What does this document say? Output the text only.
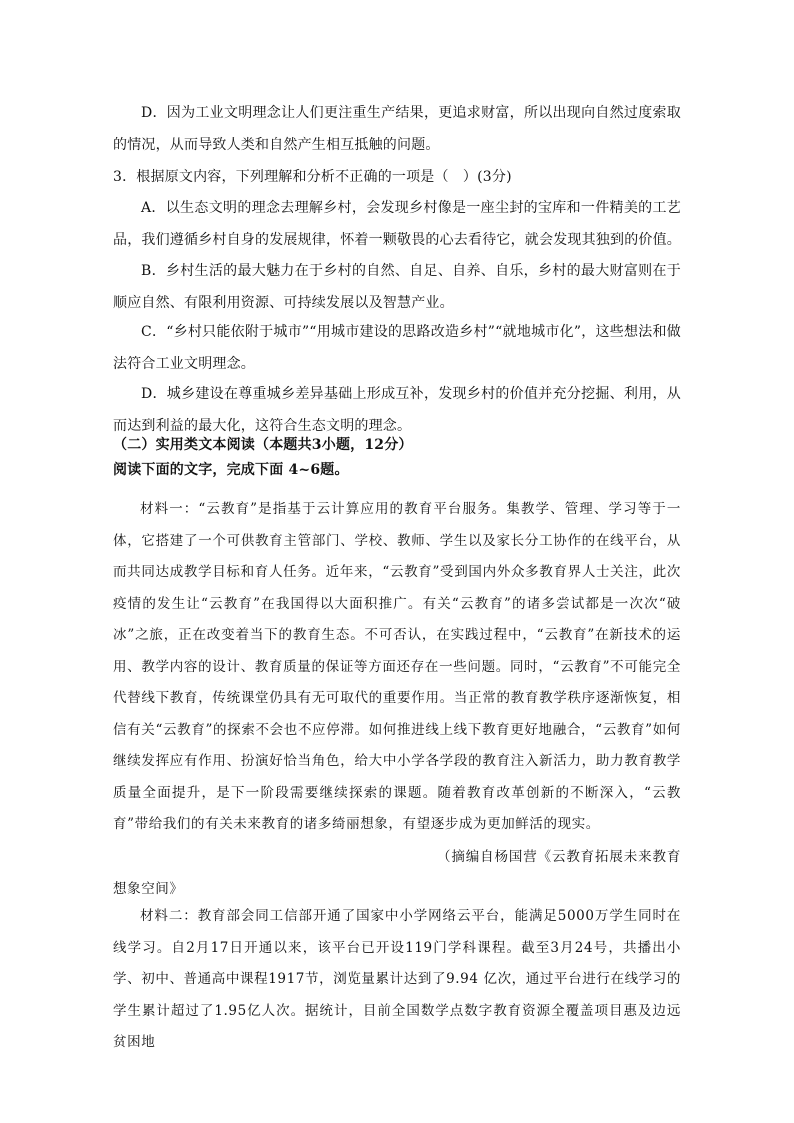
D．因为工业文明理念让人们更注重生产结果，更追求财富，所以出现向自然过度索取的情况，从而导致人类和自然产生相互抵触的问题。

3．根据原文内容，下列理解和分析不正确的一项是（　）(3分)

A．以生态文明的理念去理解乡村，会发现乡村像是一座尘封的宝库和一件精美的工艺品，我们遵循乡村自身的发展规律，怀着一颗敬畏的心去看待它，就会发现其独到的价值。

B．乡村生活的最大魅力在于乡村的自然、自足、自养、自乐，乡村的最大财富则在于顺应自然、有限利用资源、可持续发展以及智慧产业。

C．“乡村只能依附于城市”“用城市建设的思路改造乡村”“就地城市化”，这些想法和做法符合工业文明理念。

D．城乡建设在尊重城乡差异基础上形成互补，发现乡村的价值并充分挖掘、利用，从而达到利益的最大化，这符合生态文明的理念。

（二）实用类文本阅读（本题共3小题，12分）

阅读下面的文字，完成下面 4~6题。

材料一：“云教育”是指基于云计算应用的教育平台服务。集教学、管理、学习等于一体，它搭建了一个可供教育主管部门、学校、教师、学生以及家长分工协作的在线平台，从而共同达成教学目标和育人任务。近年来，“云教育”受到国内外众多教育界人士关注，此次疫情的发生让“云教育”在我国得以大面积推广。有关“云教育”的诸多尝试都是一次次“破冰”之旅，正在改变着当下的教育生态。不可否认，在实践过程中，“云教育”在新技术的运用、教学内容的设计、教育质量的保证等方面还存在一些问题。同时，“云教育”不可能完全代替线下教育，传统课堂仍具有无可取代的重要作用。当正常的教育教学秩序逐渐恢复，相信有关“云教育”的探索不会也不应停滞。如何推进线上线下教育更好地融合，“云教育”如何继续发挥应有作用、扮演好恰当角色，给大中小学各学段的教育注入新活力，助力教育教学质量全面提升，是下一阶段需要继续探索的课题。随着教育改革创新的不断深入，“云教育”带给我们的有关未来教育的诸多绮丽想象，有望逐步成为更加鲜活的现实。

（摘编自杨国营《云教育拓展未来教育想象空间》

材料二：教育部会同工信部开通了国家中小学网络云平台，能满足5000万学生同时在线学习。自2月17日开通以来，该平台已开设119门学科课程。截至3月24号，共播出小学、初中、普通高中课程1917节，浏览量累计达到了9.94 亿次，通过平台进行在线学习的学生累计超过了1.95亿人次。据统计，目前全国数学点数字教育资源全覆盖项目惠及边远贫困地
